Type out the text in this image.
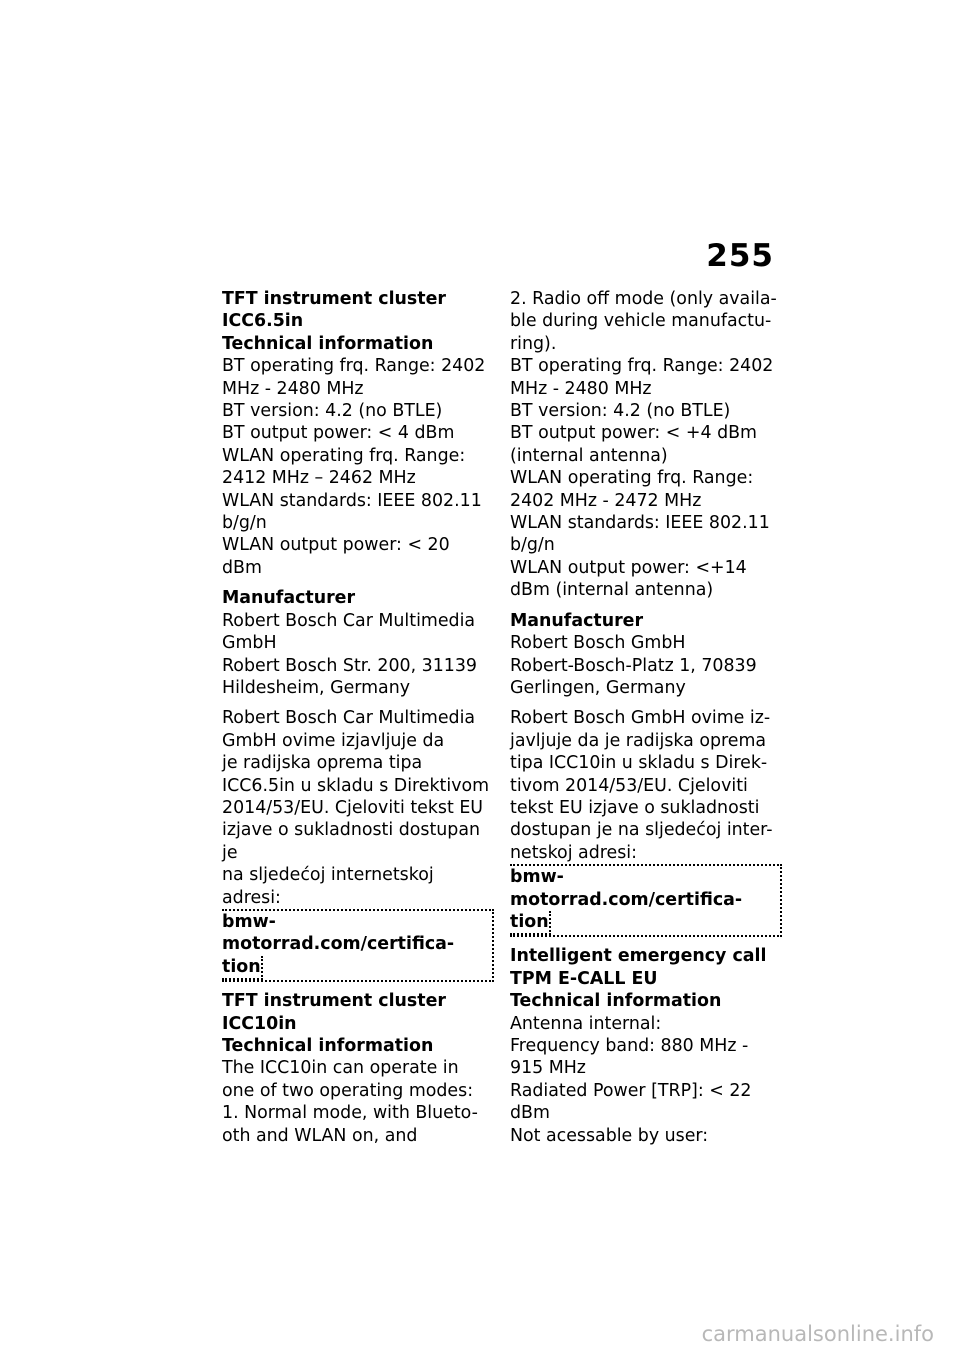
255

TFT instrument cluster

ICC6.5in

Technical information

BT operating frq. Range: 2402

MHz - 2480 MHz

BT version: 4.2 (no BTLE)

BT output power: < 4 dBm

WLAN operating frq. Range:

2412 MHz – 2462 MHz

WLAN standards: IEEE 802.11

b/g/n

WLAN output power: < 20

dBm

Manufacturer

Robert Bosch Car Multimedia

GmbH

Robert Bosch Str. 200, 31139

Hildesheim, Germany

Robert Bosch Car Multimedia

GmbH ovime izjavljuje da

je radijska oprema tipa

ICC6.5in u skladu s Direktivom

2014/53/EU. Cjeloviti tekst EU

izjave o sukladnosti dostupan je

na sljedećoj internetskoj adresi:

bmw-motorrad.com/certifica-
tion

TFT instrument cluster

ICC10in

Technical information

The ICC10in can operate in

one of two operating modes:

1. Normal mode, with Blueto-

oth and WLAN on, and

2. Radio off mode (only availa-

ble during vehicle manufactu-

ring).

BT operating frq. Range: 2402

MHz - 2480 MHz

BT version: 4.2 (no BTLE)

BT output power: < +4 dBm

(internal antenna)

WLAN operating frq. Range:

2402 MHz - 2472 MHz

WLAN standards: IEEE 802.11

b/g/n

WLAN output power: <+14

dBm (internal antenna)

Manufacturer

Robert Bosch GmbH

Robert-Bosch-Platz 1, 70839

Gerlingen, Germany

Robert Bosch GmbH ovime iz-

javljuje da je radijska oprema

tipa ICC10in u skladu s Direk-

tivom 2014/53/EU. Cjeloviti

tekst EU izjave o sukladnosti

dostupan je na sljedećoj inter-

netskoj adresi:

bmw-motorrad.com/certifica-
tion

Intelligent emergency call

TPM E-CALL EU

Technical information

Antenna internal:

Frequency band: 880 MHz -

915 MHz

Radiated Power [TRP]: < 22

dBm

Not acessable by user:

carmanualsonline.info
